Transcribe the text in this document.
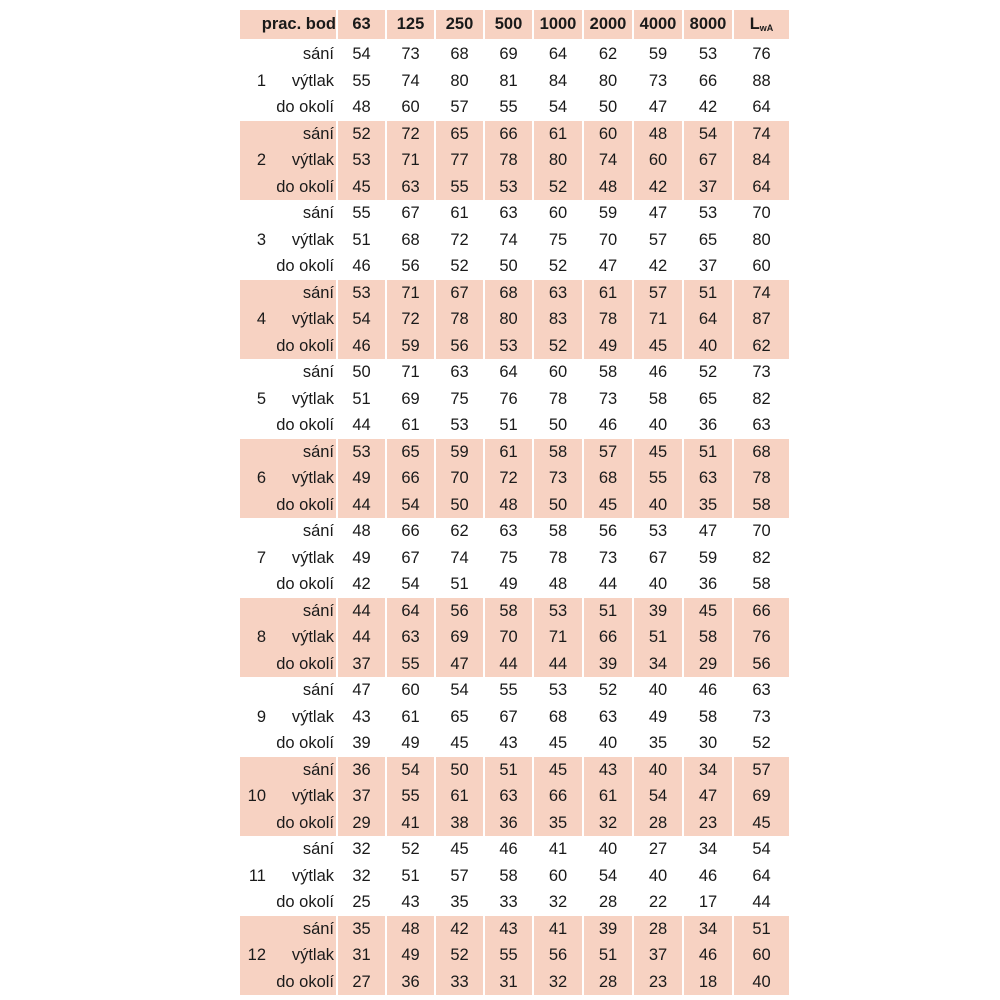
prac. bod		63	125	250	500	1000	2000	4000	8000	$L_{wA}$
1	sání	54	73	68	69	64	62	59	53	76
	výtlak	55	74	80	81	84	80	73	66	88
	do okolí	48	60	57	55	54	50	47	42	64
2	sání	52	72	65	66	61	60	48	54	74
	výtlak	53	71	77	78	80	74	60	67	84
	do okolí	45	63	55	53	52	48	42	37	64
3	sání	55	67	61	63	60	59	47	53	70
	výtlak	51	68	72	74	75	70	57	65	80
	do okolí	46	56	52	50	52	47	42	37	60
4	sání	53	71	67	68	63	61	57	51	74
	výtlak	54	72	78	80	83	78	71	64	87
	do okolí	46	59	56	53	52	49	45	40	62
5	sání	50	71	63	64	60	58	46	52	73
	výtlak	51	69	75	76	78	73	58	65	82
	do okolí	44	61	53	51	50	46	40	36	63
6	sání	53	65	59	61	58	57	45	51	68
	výtlak	49	66	70	72	73	68	55	63	78
	do okolí	44	54	50	48	50	45	40	35	58
7	sání	48	66	62	63	58	56	53	47	70
	výtlak	49	67	74	75	78	73	67	59	82
	do okolí	42	54	51	49	48	44	40	36	58
8	sání	44	64	56	58	53	51	39	45	66
	výtlak	44	63	69	70	71	66	51	58	76
	do okolí	37	55	47	44	44	39	34	29	56
9	sání	47	60	54	55	53	52	40	46	63
	výtlak	43	61	65	67	68	63	49	58	73
	do okolí	39	49	45	43	45	40	35	30	52
10	sání	36	54	50	51	45	43	40	34	57
	výtlak	37	55	61	63	66	61	54	47	69
	do okolí	29	41	38	36	35	32	28	23	45
11	sání	32	52	45	46	41	40	27	34	54
	výtlak	32	51	57	58	60	54	40	46	64
	do okolí	25	43	35	33	32	28	22	17	44
12	sání	35	48	42	43	41	39	28	34	51
	výtlak	31	49	52	55	56	51	37	46	60
	do okolí	27	36	33	31	32	28	23	18	40
